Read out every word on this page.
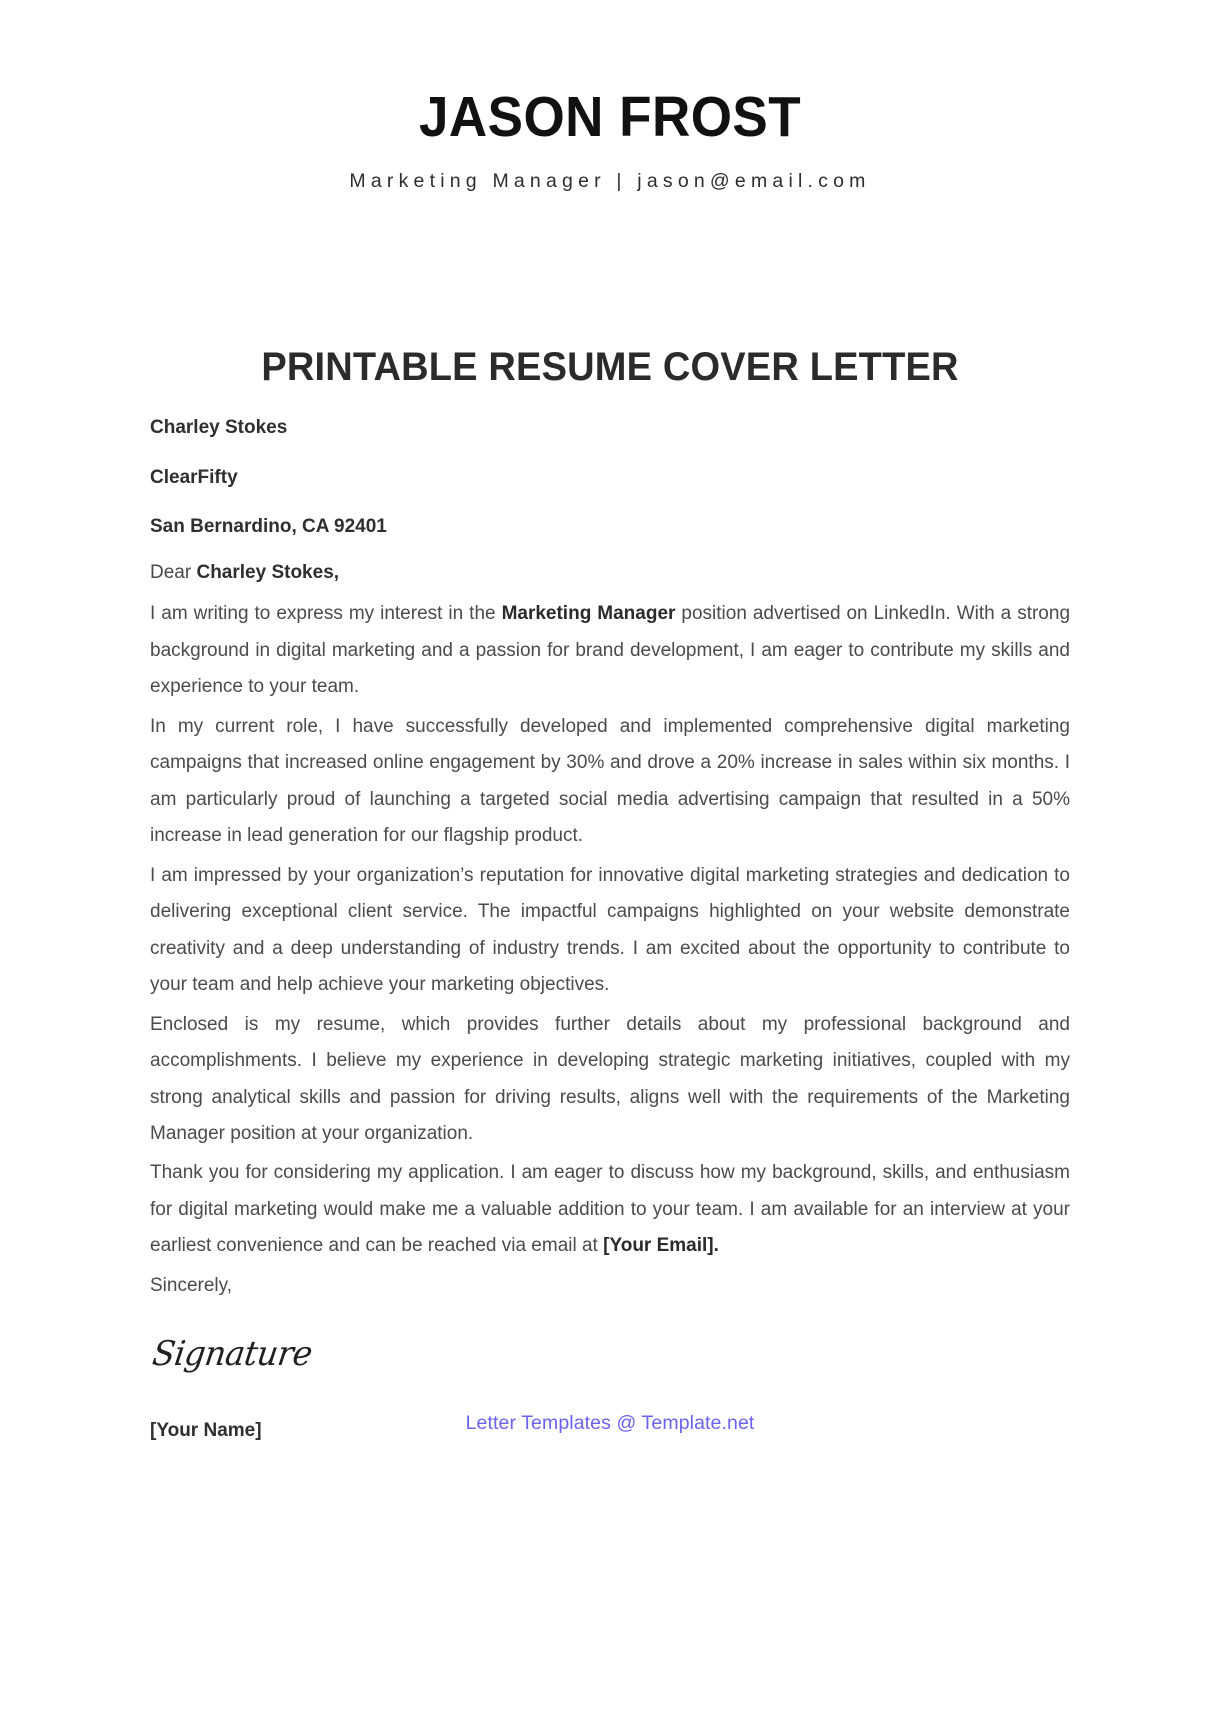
JASON FROST
Marketing Manager | jason@email.com
PRINTABLE RESUME COVER LETTER
Charley Stokes
ClearFifty
San Bernardino, CA 92401

Dear Charley Stokes,

I am writing to express my interest in the Marketing Manager position advertised on LinkedIn. With a strong background in digital marketing and a passion for brand development, I am eager to contribute my skills and experience to your team.

In my current role, I have successfully developed and implemented comprehensive digital marketing campaigns that increased online engagement by 30% and drove a 20% increase in sales within six months. I am particularly proud of launching a targeted social media advertising campaign that resulted in a 50% increase in lead generation for our flagship product.

I am impressed by your organization’s reputation for innovative digital marketing strategies and dedication to delivering exceptional client service. The impactful campaigns highlighted on your website demonstrate creativity and a deep understanding of industry trends. I am excited about the opportunity to contribute to your team and help achieve your marketing objectives.

Enclosed is my resume, which provides further details about my professional background and accomplishments. I believe my experience in developing strategic marketing initiatives, coupled with my strong analytical skills and passion for driving results, aligns well with the requirements of the Marketing Manager position at your organization.

Thank you for considering my application. I am eager to discuss how my background, skills, and enthusiasm for digital marketing would make me a valuable addition to your team. I am available for an interview at your earliest convenience and can be reached via email at [Your Email].

Sincerely,

Signature
[Your Name]	Letter Templates @ Template.net
